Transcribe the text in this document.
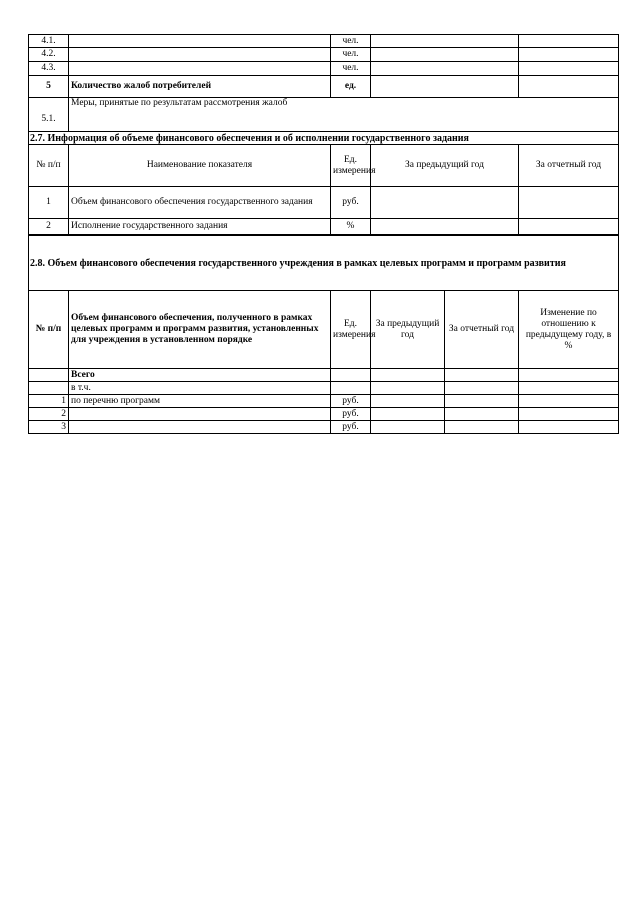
4.1.		чел.		
4.2.		чел.		
4.3.		чел.		
5	Количество жалоб потребителей	ед.		
5.1.	Меры, принятые по результатам рассмотрения жалоб			
2.7. Информация об объеме финансового обеспечения и об исполнении государственного задания				
№ п/п	Наименование показателя	Ед. измерения	За предыдущий год	За отчетный год
1	Объем финансового обеспечения государственного задания	руб.		
2	Исполнение государственного задания	%		
2.8. Объем финансового обеспечения государственного учреждения в рамках целевых программ и программ развития					
№ п/п	Объем финансового обеспечения, полученного в рамках целевых программ и программ развития, установленных для учреждения в установленном порядке	Ед. измерения	За предыдущий год	За отчетный год	Изменение по отношению к предыдущему году, в %
	Всего				
	в т.ч.				
1	по перечню программ	руб.			
2		руб.			
3		руб.			
